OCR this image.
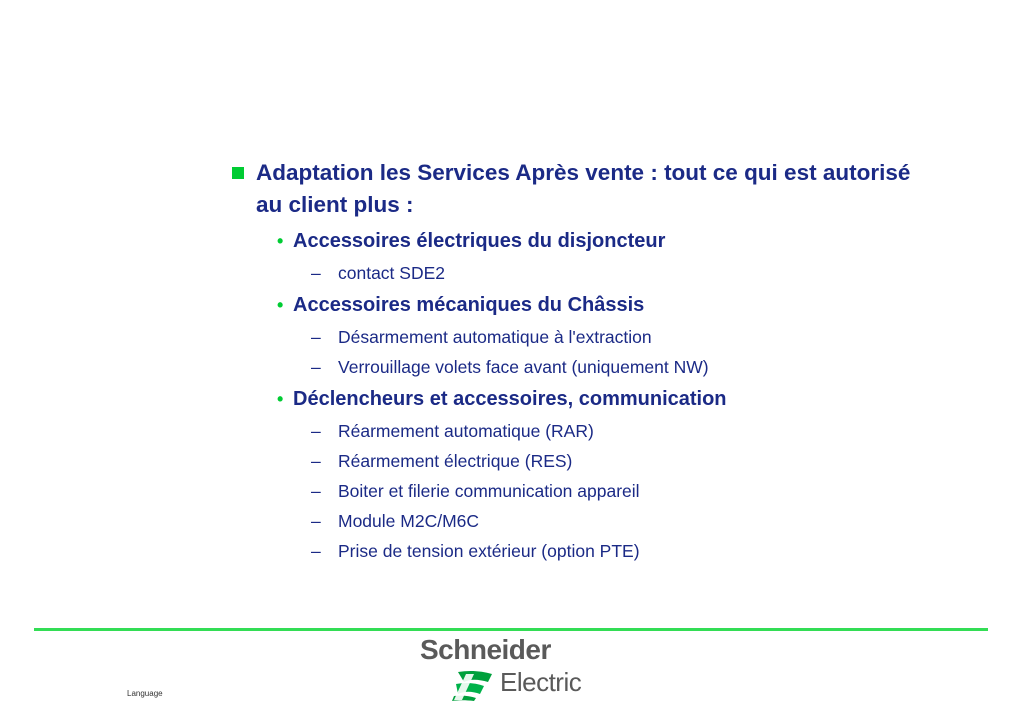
Adaptation les Services Après vente : tout ce qui est autorisé au client plus :
• Accessoires électriques du disjoncteur
– contact SDE2
• Accessoires mécaniques du Châssis
– Désarmement automatique à l'extraction
– Verrouillage volets face avant (uniquement NW)
• Déclencheurs et accessoires, communication
– Réarmement automatique (RAR)
– Réarmement électrique (RES)
– Boiter et filerie communication appareil
– Module M2C/M6C
– Prise de tension extérieur (option PTE)
Language
Schneider
Electric
